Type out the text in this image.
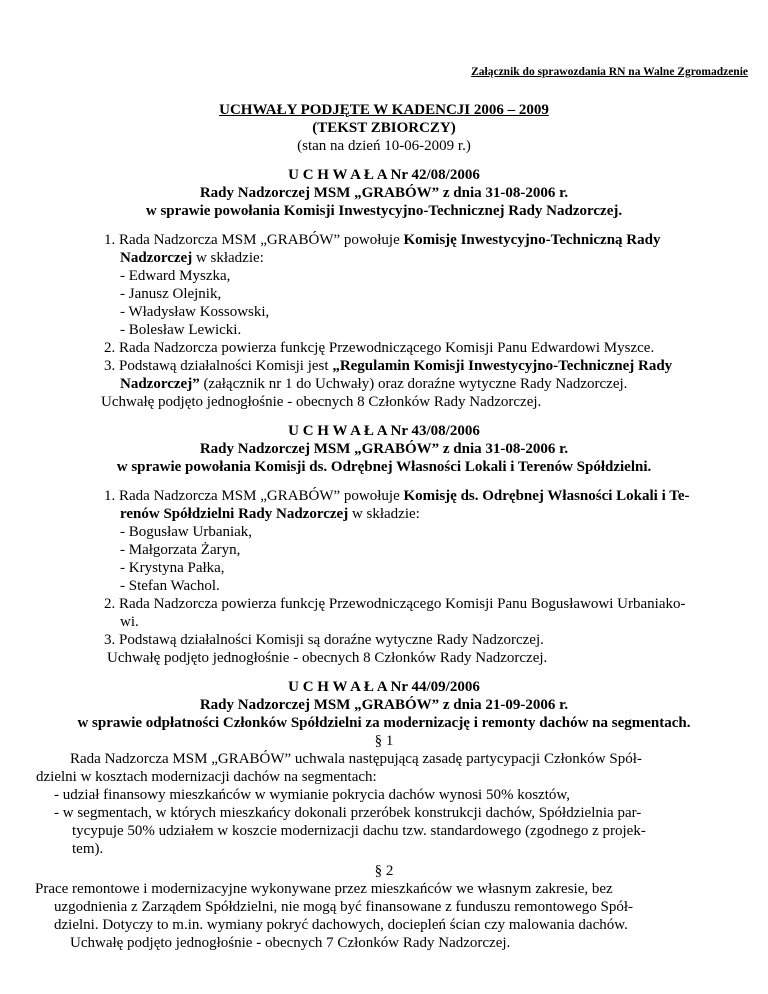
Załącznik do sprawozdania RN na Walne Zgromadzenie
UCHWAŁY PODJĘTE W KADENCJI 2006 – 2009
(TEKST ZBIORCZY)
(stan na dzień 10-06-2009 r.)
U C H W A Ł A Nr 42/08/2006
Rady Nadzorczej MSM „GRABÓW” z dnia 31-08-2006 r.
w sprawie powołania Komisji Inwestycyjno-Technicznej Rady Nadzorczej.
1. Rada Nadzorcza MSM „GRABÓW” powołuje Komisję Inwestycyjno-Techniczną Rady
Nadzorczej w składzie:
- Edward Myszka,
- Janusz Olejnik,
- Władysław Kossowski,
- Bolesław Lewicki.
2. Rada Nadzorcza powierza funkcję Przewodniczącego Komisji Panu Edwardowi Myszce.
3. Podstawą działalności Komisji jest „Regulamin Komisji Inwestycyjno-Technicznej Rady
Nadzorczej” (załącznik nr 1 do Uchwały) oraz doraźne wytyczne Rady Nadzorczej.
Uchwałę podjęto jednogłośnie - obecnych 8 Członków Rady Nadzorczej.
U C H W A Ł A Nr 43/08/2006
Rady Nadzorczej MSM „GRABÓW” z dnia 31-08-2006 r.
w sprawie powołania Komisji ds. Odrębnej Własności Lokali i Terenów Spółdzielni.
1. Rada Nadzorcza MSM „GRABÓW” powołuje Komisję ds. Odrębnej Własności Lokali i Te-
renów Spółdzielni Rady Nadzorczej w składzie:
- Bogusław Urbaniak,
- Małgorzata Żaryn,
- Krystyna Pałka,
- Stefan Wachol.
2. Rada Nadzorcza powierza funkcję Przewodniczącego Komisji Panu Bogusławowi Urbaniako-
wi.
3. Podstawą działalności Komisji są doraźne wytyczne Rady Nadzorczej.
Uchwałę podjęto jednogłośnie - obecnych 8 Członków Rady Nadzorczej.
U C H W A Ł A Nr 44/09/2006
Rady Nadzorczej MSM „GRABÓW” z dnia 21-09-2006 r.
w sprawie odpłatności Członków Spółdzielni za modernizację i remonty dachów na segmentach.
§ 1
Rada Nadzorcza MSM „GRABÓW” uchwala następującą zasadę partycypacji Członków Spół-
dzielni w kosztach modernizacji dachów na segmentach:
- udział finansowy mieszkańców w wymianie pokrycia dachów wynosi 50% kosztów,
- w segmentach, w których mieszkańcy dokonali przeróbek konstrukcji dachów, Spółdzielnia par-
tycypuje 50% udziałem w koszcie modernizacji dachu tzw. standardowego (zgodnego z projek-
tem).
§ 2
Prace remontowe i modernizacyjne wykonywane przez mieszkańców we własnym zakresie, bez
uzgodnienia z Zarządem Spółdzielni, nie mogą być finansowane z funduszu remontowego Spół-
dzielni. Dotyczy to m.in. wymiany pokryć dachowych, dociepleń ścian czy malowania dachów.
Uchwałę podjęto jednogłośnie - obecnych 7 Członków Rady Nadzorczej.
